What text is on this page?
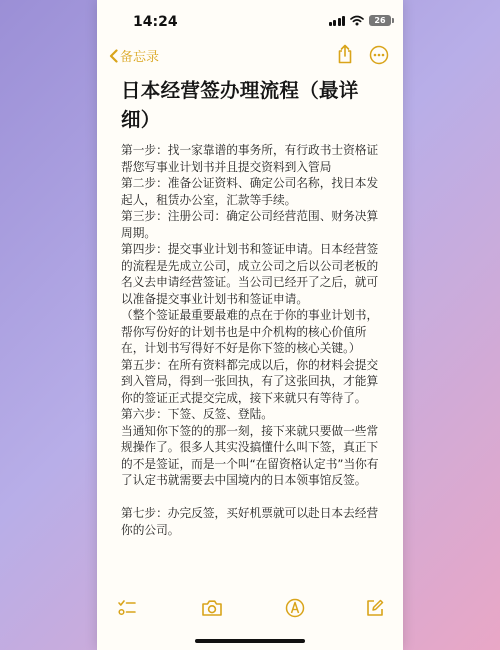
14:24	26
备忘录
日本经营签办理流程（最详细）

第一步：找一家靠谱的事务所，有行政书士资格证帮您写事业计划书并且提交资料到入管局

第二步：准备公证资料、确定公司名称，找日本发起人，租赁办公室，汇款等手续。

第三步：注册公司：确定公司经营范围、财务决算周期。

第四步：提交事业计划书和签证申请。日本经营签的流程是先成立公司，成立公司之后以公司老板的名义去申请经营签证。当公司已经开了之后，就可以准备提交事业计划书和签证申请。

（整个签证最重要最难的点在于你的事业计划书，帮你写份好的计划书也是中介机构的核心价值所在，计划书写得好不好是你下签的核心关键。）

第五步：在所有资料都完成以后，你的材料会提交到入管局，得到一张回执，有了这张回执，才能算你的签证正式提交完成，接下来就只有等待了。

第六步：下签、反签、登陆。

当通知你下签的的那一刻，接下来就只要做一些常规操作了。很多人其实没搞懂什么叫下签，真正下的不是签证，而是一个叫“在留资格认定书”当你有了认定书就需要去中国境内的日本领事馆反签。

第七步：办完反签，买好机票就可以赴日本去经营你的公司。
